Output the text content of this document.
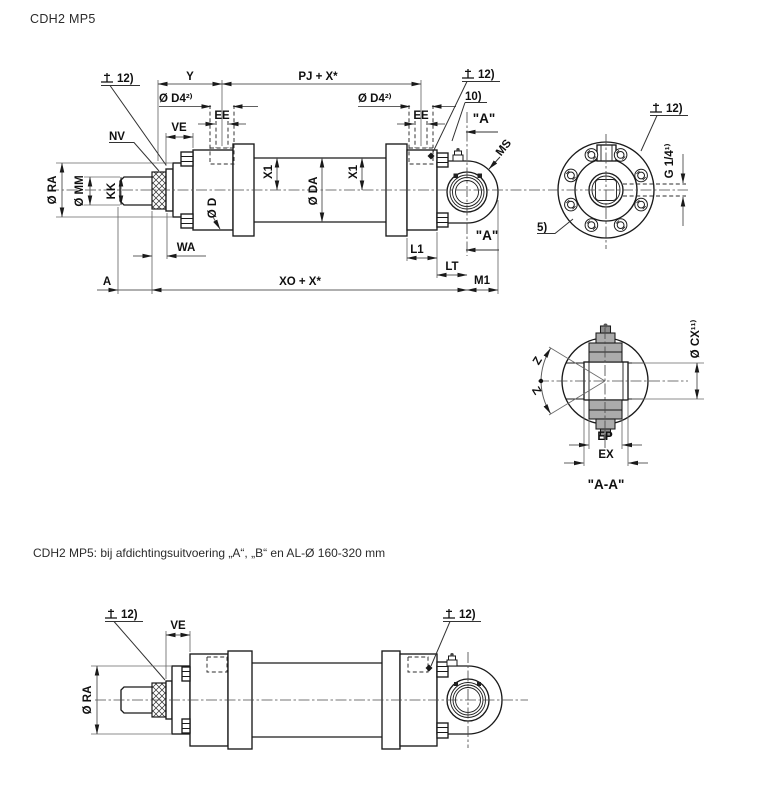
CDH2 MP5
CDH2 MP5: bij afdichtingsuitvoering „A“, „B“ en AL-Ø 160-320 mm
Y	PJ + X*
Ø D4²⁾	Ø D4²⁾
EE	EE
VE
NV
12)	12)
10)
Ø RA Ø MM KK
Ø D
X1
Ø DA
X1
WA
A	XO + X*	M1
LT
L1
"A"
"A"
MS	G 1/4¹⁾
12)
5)
Z
Z
Ø CX¹¹⁾
EP
EX
"A-A"
12)	12)
VE
Ø RA
